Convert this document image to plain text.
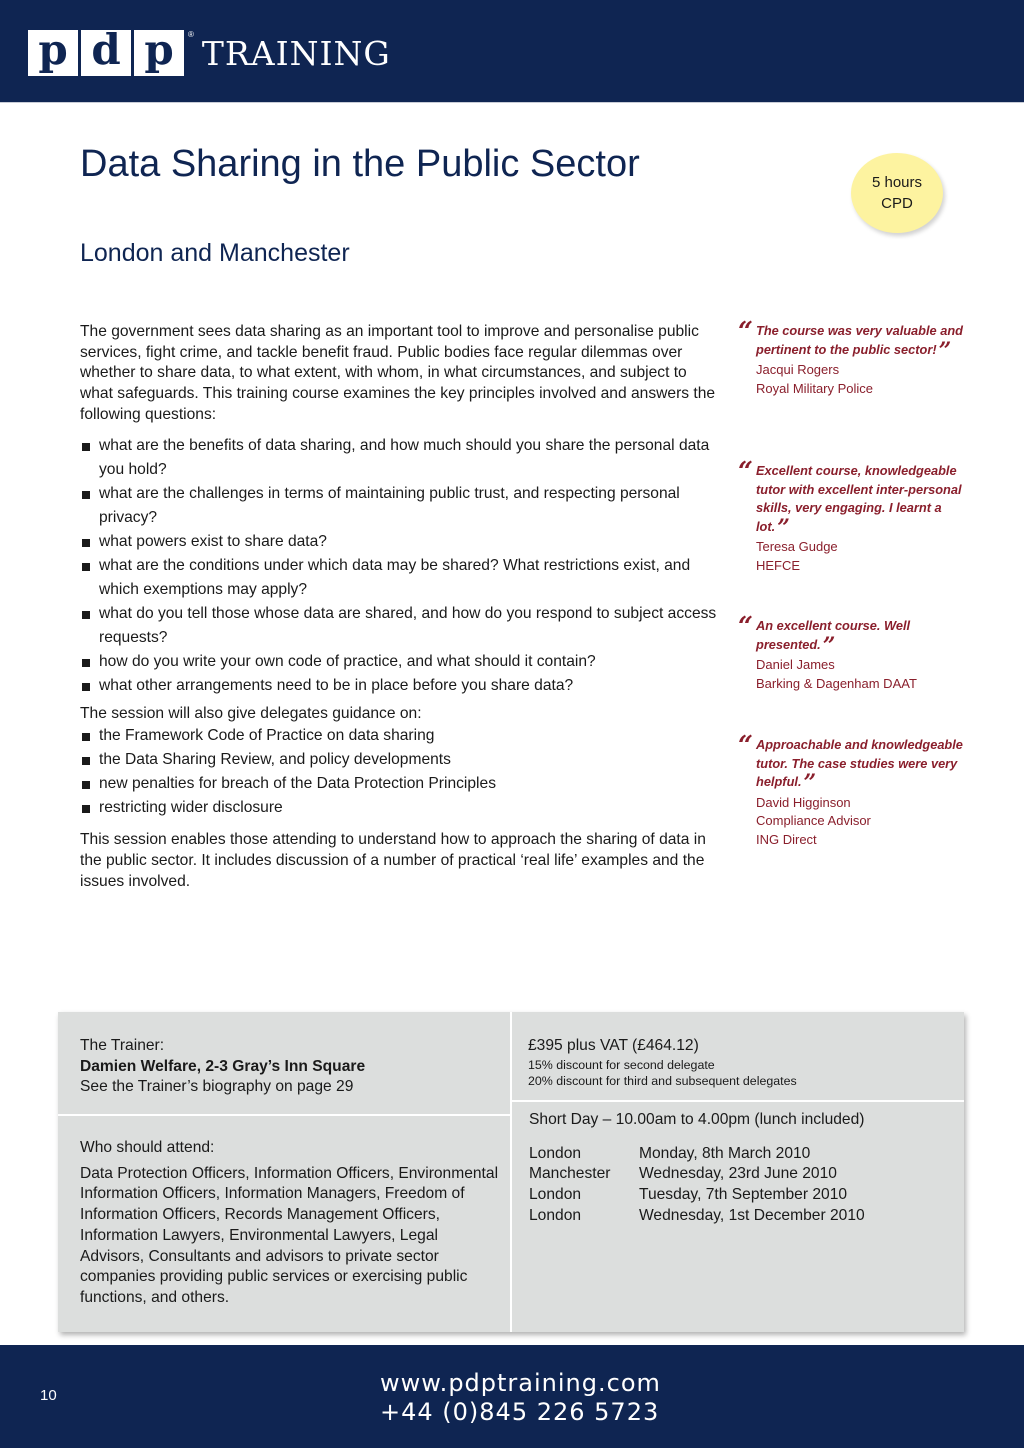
p d p	® TRAINING
Data Sharing in the Public Sector
London and Manchester
5 hours
CPD

The government sees data sharing as an important tool to improve and personalise public services, fight crime, and tackle benefit fraud. Public bodies face regular dilemmas over whether to share data, to what extent, with whom, in what circumstances, and subject to what safeguards. This training course examines the key principles involved and answers the following questions:

what are the benefits of data sharing, and how much should you share the personal data you hold?
what are the challenges in terms of maintaining public trust, and respecting personal privacy?
what powers exist to share data?
what are the conditions under which data may be shared? What restrictions exist, and which exemptions may apply?
what do you tell those whose data are shared, and how do you respond to subject access requests?
how do you write your own code of practice, and what should it contain?
what other arrangements need to be in place before you share data?

The session will also give delegates guidance on:

the Framework Code of Practice on data sharing
the Data Sharing Review, and policy developments
new penalties for breach of the Data Protection Principles
restricting wider disclosure

This session enables those attending to understand how to approach the sharing of data in the public sector. It includes discussion of a number of practical ‘real life’ examples and the issues involved.

“ The course was very valuable and pertinent to the public sector!”
Jacqui Rogers
Royal Military Police
“ Excellent course, knowledgeable tutor with excellent inter-personal skills, very engaging. I learnt a lot.”
Teresa Gudge
HEFCE
“ An excellent course. Well presented.”
Daniel James
Barking & Dagenham DAAT
“ Approachable and knowledgeable tutor. The case studies were very helpful.”
David Higginson
Compliance Advisor
ING Direct
The Trainer:
Damien Welfare, 2-3 Gray’s Inn Square
See the Trainer’s biography on page 29
Who should attend:
Data Protection Officers, Information Officers, Environmental Information Officers, Information Managers, Freedom of Information Officers, Records Management Officers, Information Lawyers, Environmental Lawyers, Legal Advisors, Consultants and advisors to private sector companies providing public services or exercising public functions, and others.
£395 plus VAT (£464.12)
15% discount for second delegate
20% discount for third and subsequent delegates
Short Day – 10.00am to 4.00pm (lunch included)
London	Monday, 8th March 2010
Manchester	Wednesday, 23rd June 2010
London	Tuesday, 7th September 2010
London	Wednesday, 1st December 2010
10	www.pdptraining.com
+44 (0)845 226 5723
